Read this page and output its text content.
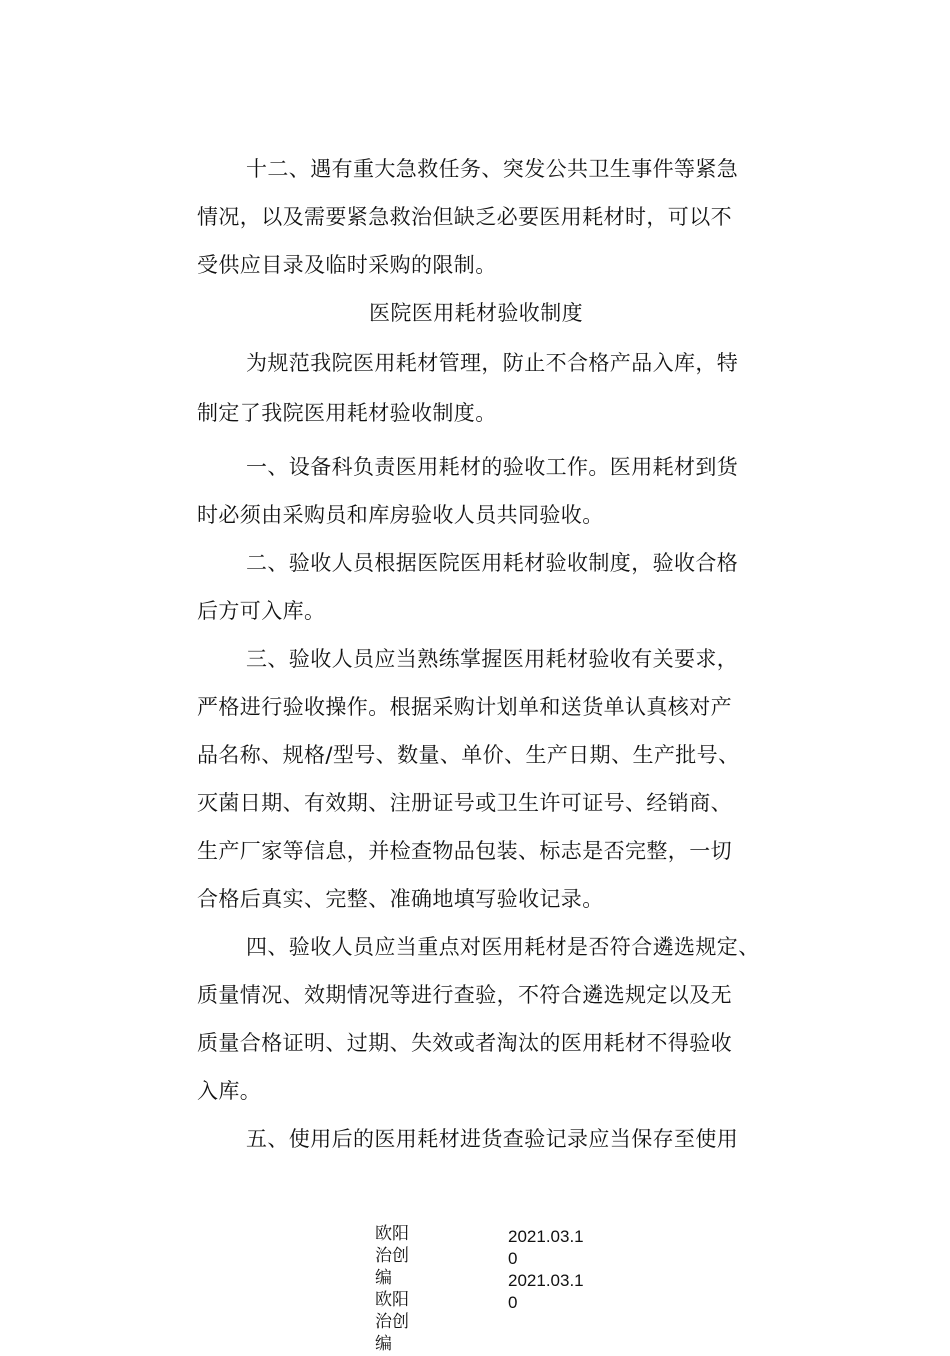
十二、遇有重大急救任务、突发公共卫生事件等紧急
情况，以及需要紧急救治但缺乏必要医用耗材时，可以不
受供应目录及临时采购的限制。
医院医用耗材验收制度
为规范我院医用耗材管理，防止不合格产品入库，特
制定了我院医用耗材验收制度。
一、设备科负责医用耗材的验收工作。医用耗材到货
时必须由采购员和库房验收人员共同验收。
二、验收人员根据医院医用耗材验收制度，验收合格
后方可入库。
三、验收人员应当熟练掌握医用耗材验收有关要求，
严格进行验收操作。根据采购计划单和送货单认真核对产
品名称、规格/型号、数量、单价、生产日期、生产批号、
灭菌日期、有效期、注册证号或卫生许可证号、经销商、
生产厂家等信息，并检查物品包装、标志是否完整，一切
合格后真实、完整、准确地填写验收记录。
四、验收人员应当重点对医用耗材是否符合遴选规定、
质量情况、效期情况等进行查验，不符合遴选规定以及无
质量合格证明、过期、失效或者淘汰的医用耗材不得验收
入库。
五、使用后的医用耗材进货查验记录应当保存至使用
欧阳
治创
编
欧阳
治创
编
2021.03.1
0
2021.03.1
0
